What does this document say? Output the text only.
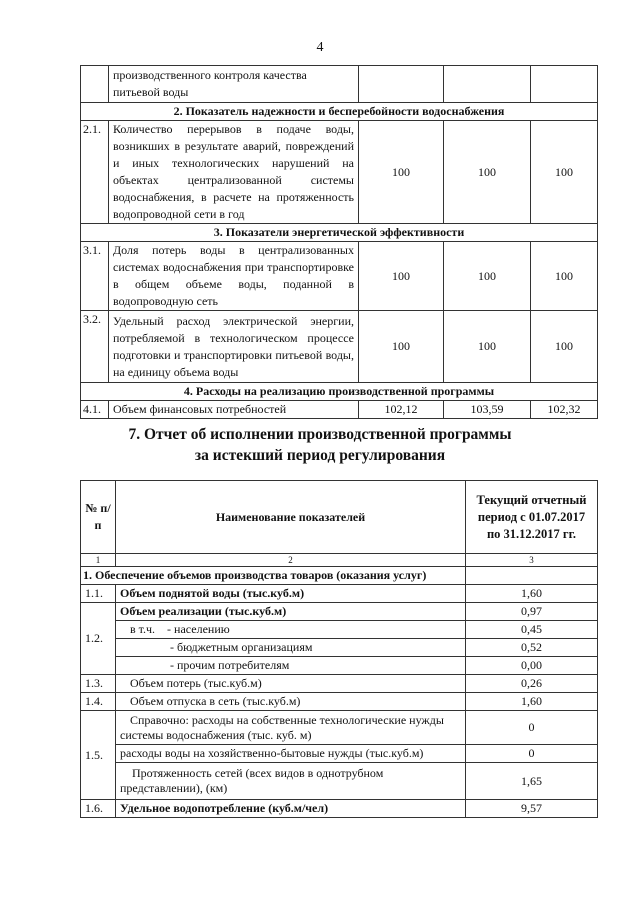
4
	производственного контроля качества питьевой воды			
2. Показатель надежности и бесперебойности водоснабжения				
2.1.	Количество перерывов в подаче воды, возникших в результате аварий, повреждений и иных технологических нарушений на объектах централизованной системы водоснабжения, в расчете на протяженность водопроводной сети в год	100	100	100
3. Показатели энергетической эффективности				
3.1.	Доля потерь воды в централизованных системах водоснабжения при транспортировке в общем объеме воды, поданной в водопроводную сеть	100	100	100
3.2.	Удельный расход электрической энергии, потребляемой в технологическом процессе подготовки и транспортировки питьевой воды, на единицу объема воды	100	100	100
4. Расходы на реализацию производственной программы				
4.1.	Объем финансовых потребностей	102,12	103,59	102,32
7. Отчет об исполнении производственной программы
за истекший период регулирования
№ п/п	Наименование показателей	Текущий отчетный период с 01.07.2017 по 31.12.2017 гг.
1	2	3
1. Обеспечение объемов производства товаров (оказания услуг)		
1.1.	Объем поднятой воды (тыс.куб.м)	1,60
1.2.	Объем реализации (тыс.куб.м)	0,97
	в т.ч. - населению	0,45
	- бюджетным организациям	0,52
	- прочим потребителям	0,00
1.3.	Объем потерь (тыс.куб.м)	0,26
1.4.	Объем отпуска в сеть (тыс.куб.м)	1,60
1.5.	Справочно: расходы на собственные технологические нужды системы водоснабжения (тыс. куб. м)	0
	расходы воды на хозяйственно-бытовые нужды (тыс.куб.м)	0
	Протяженность сетей (всех видов в однотрубном представлении), (км)	1,65
1.6.	Удельное водопотребление (куб.м/чел)	9,57
